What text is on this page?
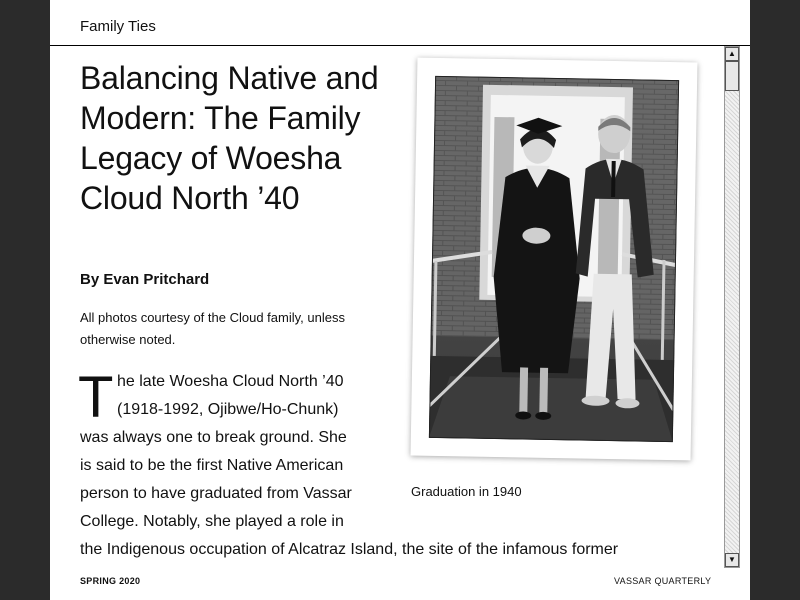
Family Ties
Balancing Native and Modern: The Family Legacy of Woesha Cloud North ’40
By Evan Pritchard
All photos courtesy of the Cloud family, unless otherwise noted.
T he late Woesha Cloud North ’40
(1918-1992, Ojibwe/Ho-Chunk)
was always one to break ground. She
is said to be the first Native American
person to have graduated from Vassar
College. Notably, she played a role in
the Indigenous occupation of Alcatraz Island, the site of the infamous former
Graduation in 1940
SPRING 2020	VASSAR QUARTERLY
▲
▼
